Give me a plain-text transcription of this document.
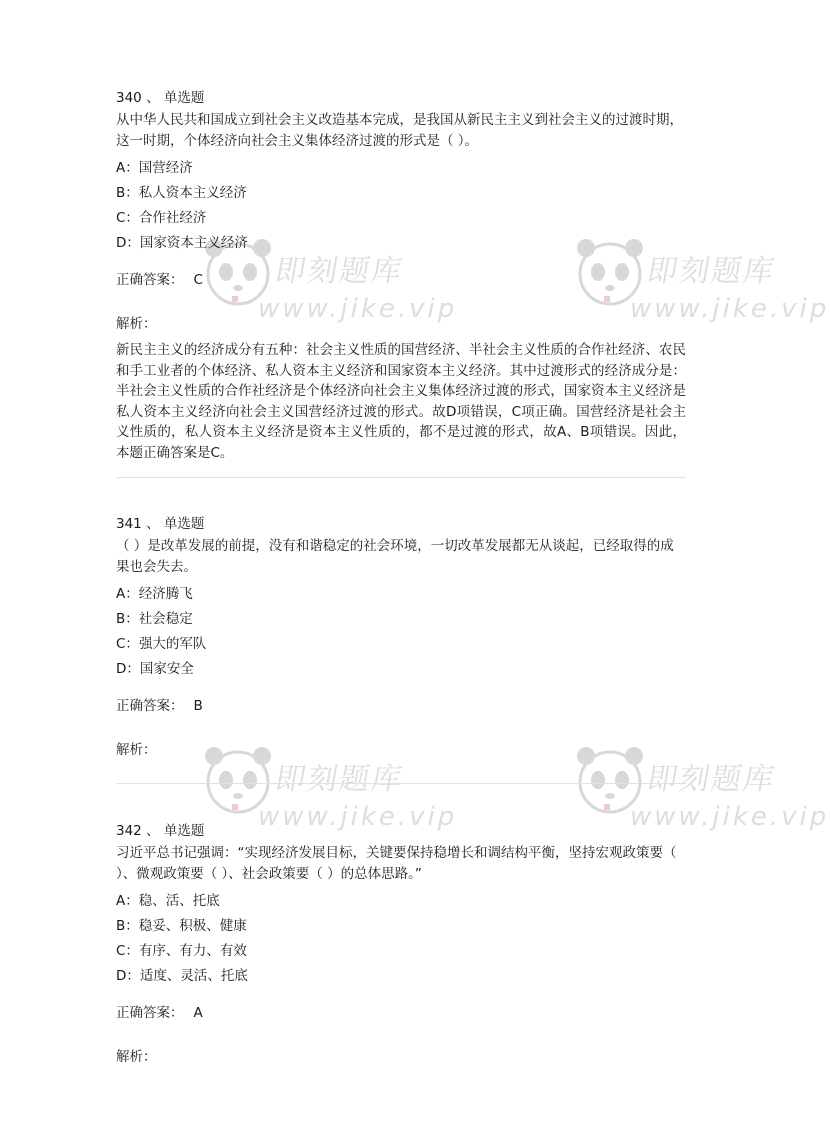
即刻题库
www.jike.vip
即刻题库
www.jike.vip
即刻题库
www.jike.vip
即刻题库
www.jike.vip
340 、 单选题
从中华人民共和国成立到社会主义改造基本完成，是我国从新民主主义到社会主义的过渡时期，这一时期，个体经济向社会主义集体经济过渡的形式是（ ）。
A：国营经济
B：私人资本主义经济
C：合作社经济
D：国家资本主义经济
正确答案： C
解析：
新民主主义的经济成分有五种：社会主义性质的国营经济、半社会主义性质的合作社经济、农民和手工业者的个体经济、私人资本主义经济和国家资本主义经济。其中过渡形式的经济成分是：半社会主义性质的合作社经济是个体经济向社会主义集体经济过渡的形式，国家资本主义经济是私人资本主义经济向社会主义国营经济过渡的形式。故D项错误，C项正确。国营经济是社会主义性质的，私人资本主义经济是资本主义性质的，都不是过渡的形式，故A、B项错误。因此，本题正确答案是C。
341 、 单选题
（ ）是改革发展的前提，没有和谐稳定的社会环境，一切改革发展都无从谈起，已经取得的成果也会失去。
A：经济腾飞
B：社会稳定
C：强大的军队
D：国家安全
正确答案： B
解析：
342 、 单选题
习近平总书记强调：“实现经济发展目标，关键要保持稳增长和调结构平衡，坚持宏观政策要（ ）、微观政策要（ ）、社会政策要（ ）的总体思路。”
A：稳、活、托底
B：稳妥、积极、健康
C：有序、有力、有效
D：适度、灵活、托底
正确答案： A
解析：
